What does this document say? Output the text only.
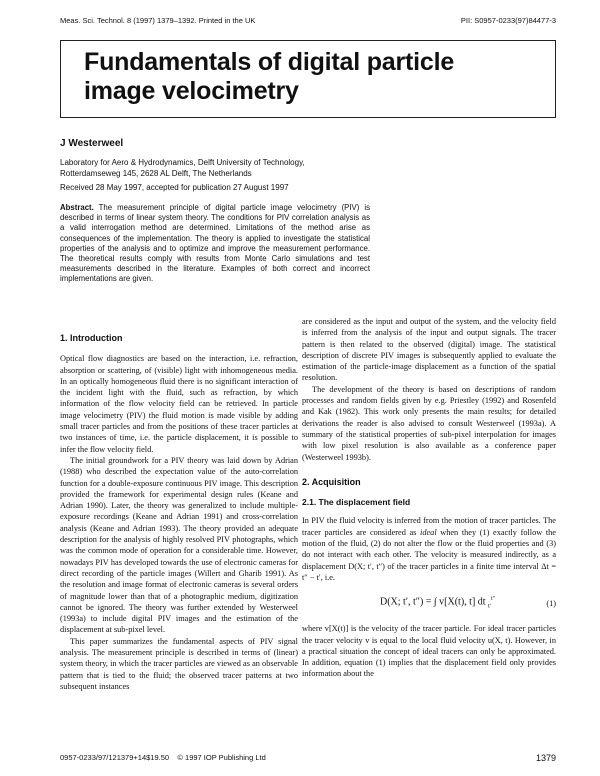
Meas. Sci. Technol. 8 (1997) 1379–1392. Printed in the UK	PII: S0957-0233(97)84477-3
Fundamentals of digital particle
image velocimetry
J Westerweel
Laboratory for Aero & Hydrodynamics, Delft University of Technology,
Rotterdamseweg 145, 2628 AL Delft, The Netherlands
Received 28 May 1997, accepted for publication 27 August 1997
Abstract. The measurement principle of digital particle image velocimetry (PIV) is described in terms of linear system theory. The conditions for PIV correlation analysis as a valid interrogation method are determined. Limitations of the method arise as consequences of the implementation. The theory is applied to investigate the statistical properties of the analysis and to optimize and improve the measurement performance. The theoretical results comply with results from Monte Carlo simulations and test measurements described in the literature. Examples of both correct and incorrect implementations are given.
1. Introduction

Optical flow diagnostics are based on the interaction, i.e. refraction, absorption or scattering, of (visible) light with inhomogeneous media. In an optically homogeneous fluid there is no significant interaction of the incident light with the fluid, such as refraction, by which information of the flow velocity field can be retrieved. In particle image velocimetry (PIV) the fluid motion is made visible by adding small tracer particles and from the positions of these tracer particles at two instances of time, i.e. the particle displacement, it is possible to infer the flow velocity field.

The initial groundwork for a PIV theory was laid down by Adrian (1988) who described the expectation value of the auto-correlation function for a double-exposure continuous PIV image. This description provided the framework for experimental design rules (Keane and Adrian 1990). Later, the theory was generalized to include multiple-exposure recordings (Keane and Adrian 1991) and cross-correlation analysis (Keane and Adrian 1993). The theory provided an adequate description for the analysis of highly resolved PIV photographs, which was the common mode of operation for a considerable time. However, nowadays PIV has developed towards the use of electronic cameras for direct recording of the particle images (Willert and Gharib 1991). As the resolution and image format of electronic cameras is several orders of magnitude lower than that of a photographic medium, digitization cannot be ignored. The theory was further extended by Westerweel (1993a) to include digital PIV images and the estimation of the displacement at sub-pixel level.

This paper summarizes the fundamental aspects of PIV signal analysis. The measurement principle is described in terms of (linear) system theory, in which the tracer particles are viewed as an observable pattern that is tied to the fluid; the observed tracer patterns at two subsequent instances

are considered as the input and output of the system, and the velocity field is inferred from the analysis of the input and output signals. The tracer pattern is then related to the observed (digital) image. The statistical description of discrete PIV images is subsequently applied to evaluate the estimation of the particle-image displacement as a function of the spatial resolution.

The development of the theory is based on descriptions of random processes and random fields given by e.g. Priestley (1992) and Rosenfeld and Kak (1982). This work only presents the main results; for detailed derivations the reader is also advised to consult Westerweel (1993a). A summary of the statistical properties of sub-pixel interpolation for images with low pixel resolution is also available as a conference paper (Westerweel 1993b).

2. Acquisition
2.1. The displacement field

In PIV the fluid velocity is inferred from the motion of tracer particles. The tracer particles are considered as ideal when they (1) exactly follow the motion of the fluid, (2) do not alter the flow or the fluid properties and (3) do not interact with each other. The velocity is measured indirectly, as a displacement D(X; t′, t″) of the tracer particles in a finite time interval Δt = t″ − t′, i.e.

D(X; t′, t″) = ∫ v[X(t), t] dt $_{t'}^{t''}$	(1)

where v[X(t)] is the velocity of the tracer particle. For ideal tracer particles the tracer velocity v is equal to the local fluid velocity u(X, t). However, in a practical situation the concept of ideal tracers can only be approximated. In addition, equation (1) implies that the displacement field only provides information about the

0957-0233/97/121379+14$19.50 © 1997 IOP Publishing Ltd	1379
